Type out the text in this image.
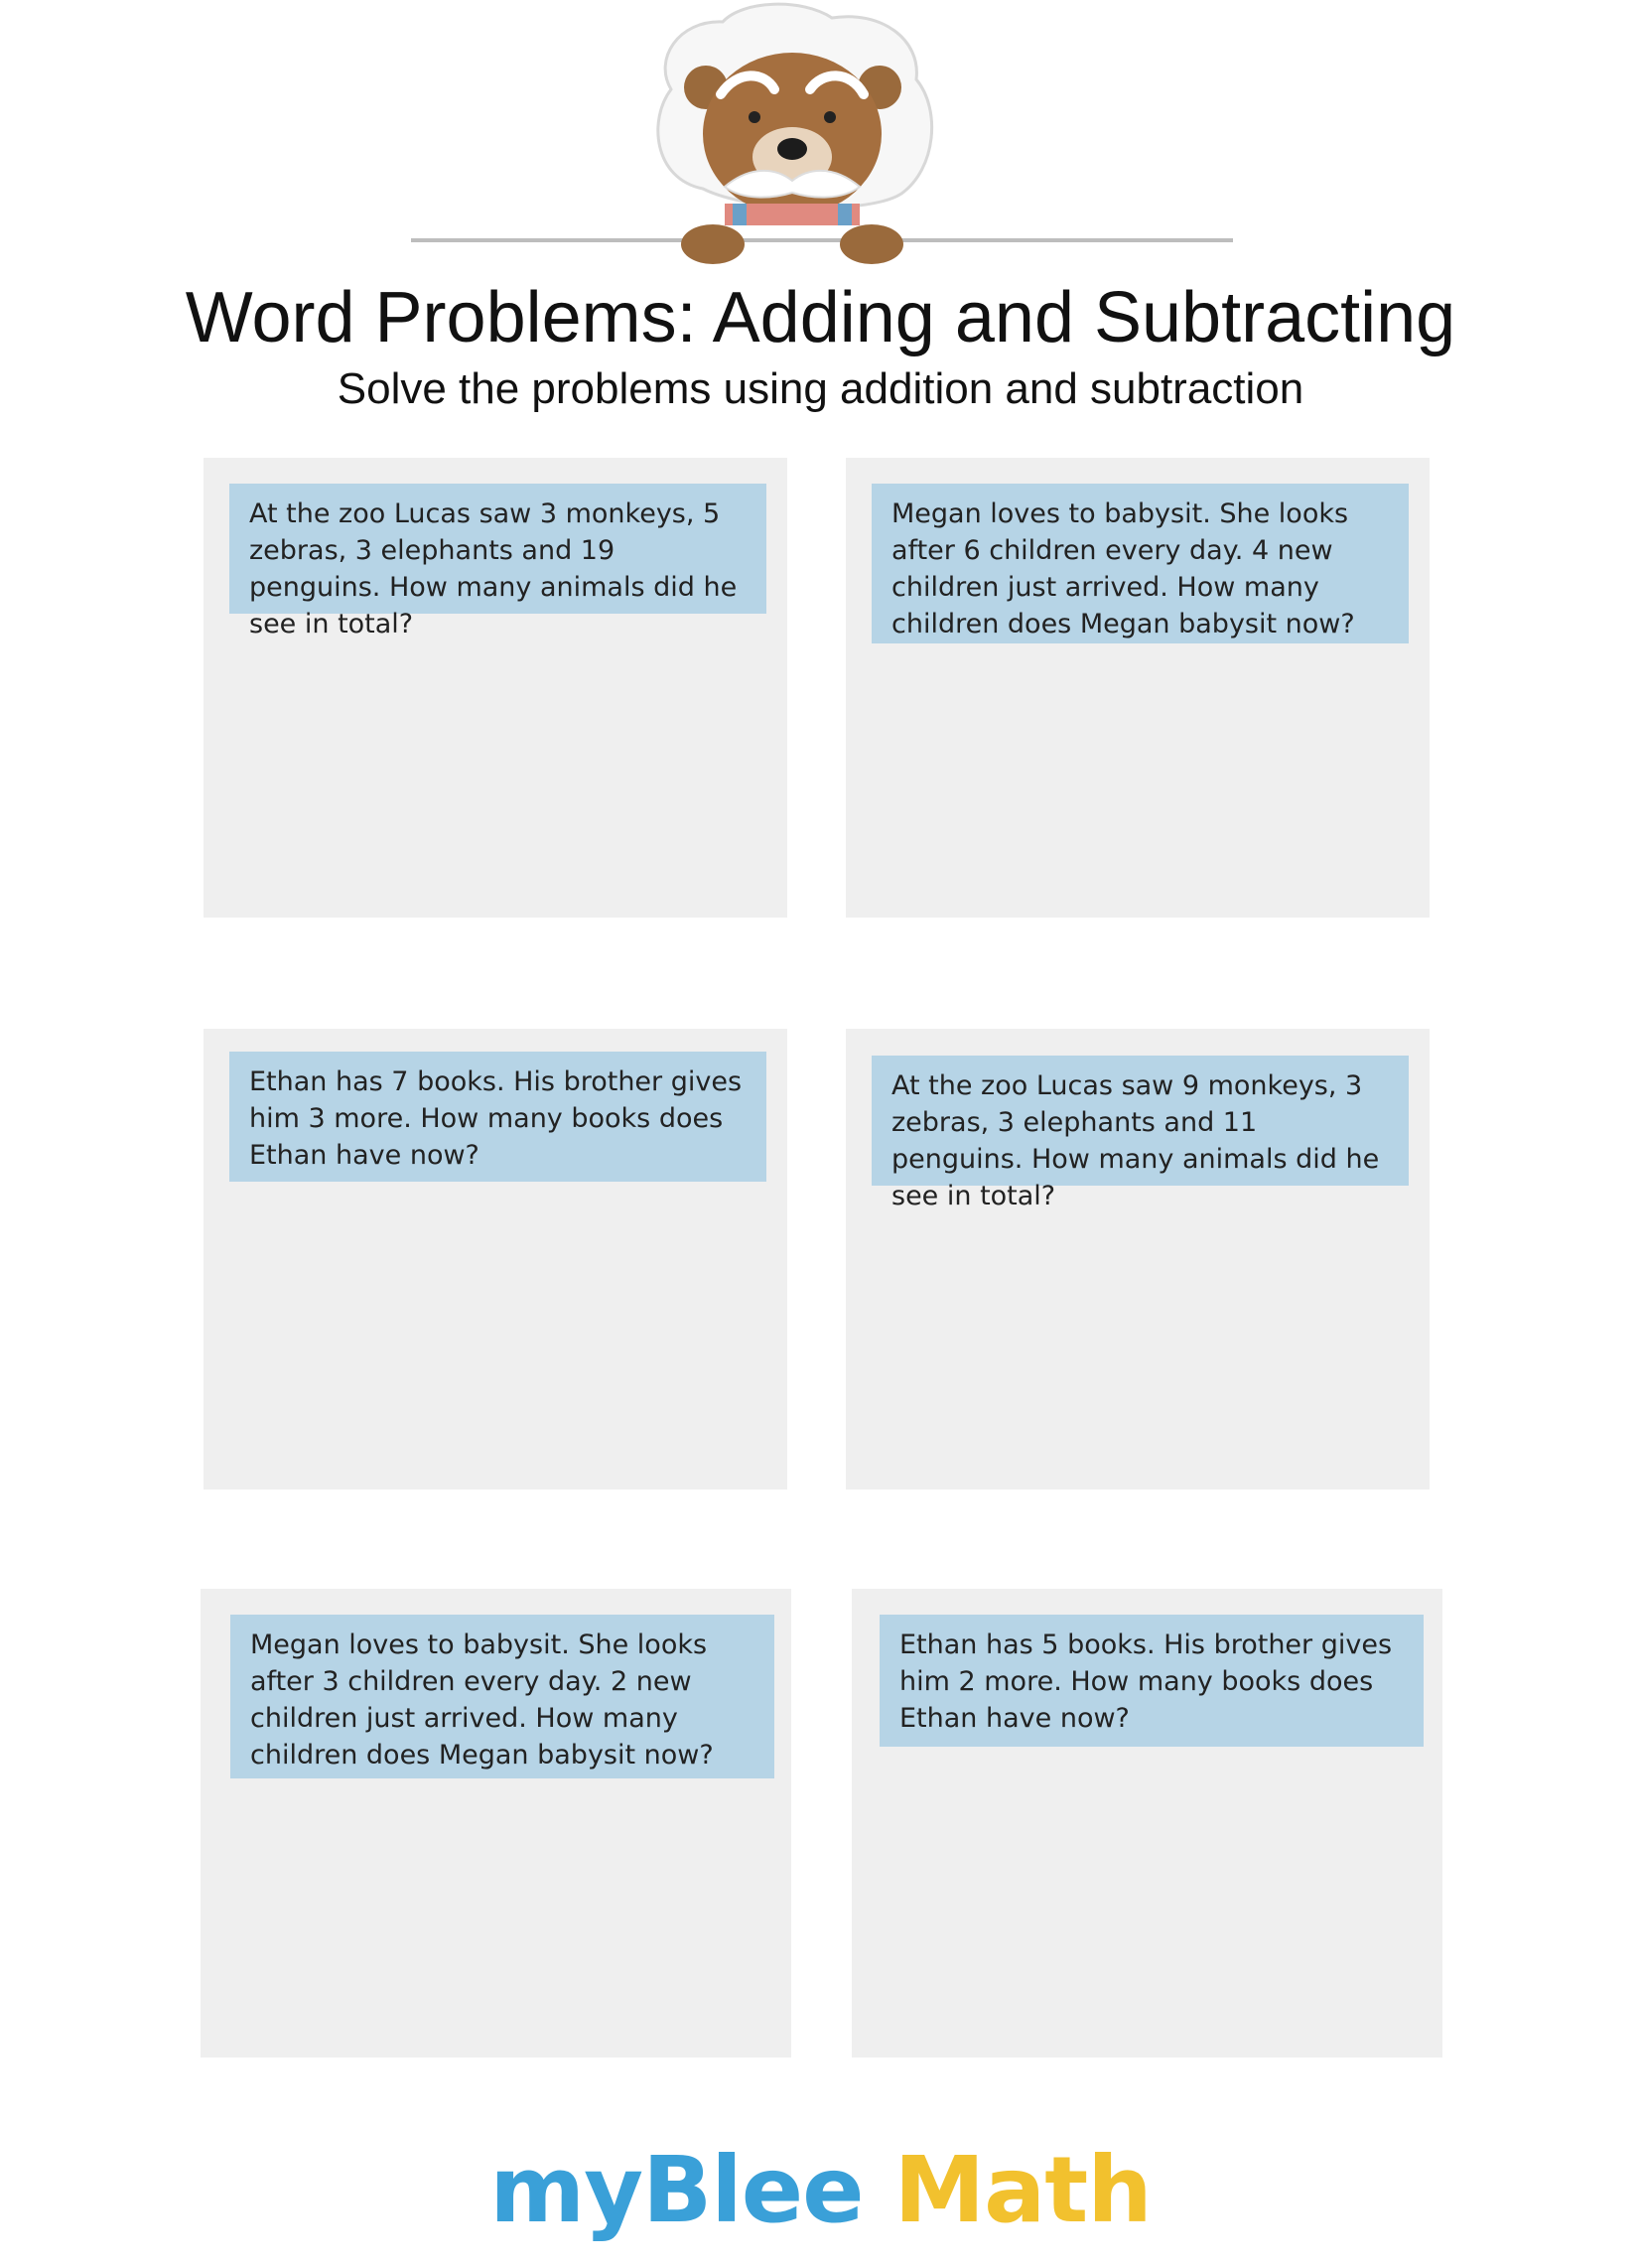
Word Problems: Adding and Subtracting
Solve the problems using addition and subtraction
At the zoo Lucas saw 3 monkeys, 5 zebras, 3 elephants and 19 penguins. How many animals did he see in total?
Megan loves to babysit. She looks after 6 children every day. 4 new children just arrived. How many children does Megan babysit now?
Ethan has 7 books. His brother gives him 3 more. How many books does Ethan have now?
At the zoo Lucas saw 9 monkeys, 3 zebras, 3 elephants and 11 penguins. How many animals did he see in total?
Megan loves to babysit. She looks after 3 children every day. 2 new children just arrived. How many children does Megan babysit now?
Ethan has 5 books. His brother gives him 2 more. How many books does Ethan have now?
myBlee Math
